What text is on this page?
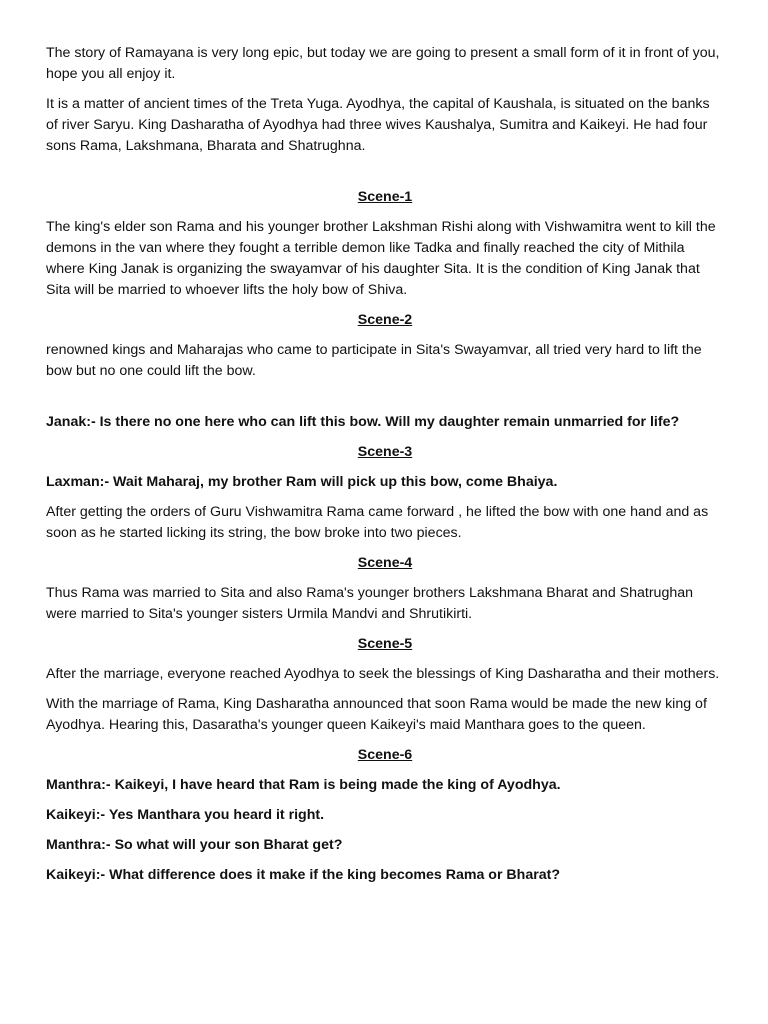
The story of Ramayana is very long epic, but today we are going to present a small form of it in front of you, hope you all enjoy it.

It is a matter of ancient times of the Treta Yuga. Ayodhya, the capital of Kaushala, is situated on the banks of river Saryu. King Dasharatha of Ayodhya had three wives Kaushalya, Sumitra and Kaikeyi. He had four sons Rama, Lakshmana, Bharata and Shatrughna.

Scene-1

The king's elder son Rama and his younger brother Lakshman Rishi along with Vishwamitra went to kill the demons in the van where they fought a terrible demon like Tadka and finally reached the city of Mithila where King Janak is organizing the swayamvar of his daughter Sita. It is the condition of King Janak that Sita will be married to whoever lifts the holy bow of Shiva.

Scene-2

renowned kings and Maharajas who came to participate in Sita's Swayamvar, all tried very hard to lift the bow but no one could lift the bow.

Janak:- Is there no one here who can lift this bow. Will my daughter remain unmarried for life?

Scene-3

Laxman:- Wait Maharaj, my brother Ram will pick up this bow, come Bhaiya.

After getting the orders of Guru Vishwamitra Rama came forward , he lifted the bow with one hand and as soon as he started licking its string, the bow broke into two pieces.

Scene-4

Thus Rama was married to Sita and also Rama's younger brothers Lakshmana Bharat and Shatrughan were married to Sita's younger sisters Urmila Mandvi and Shrutikirti.

Scene-5

After the marriage, everyone reached Ayodhya to seek the blessings of King Dasharatha and their mothers.

With the marriage of Rama, King Dasharatha announced that soon Rama would be made the new king of Ayodhya. Hearing this, Dasaratha's younger queen Kaikeyi's maid Manthara goes to the queen.

Scene-6

Manthra:- Kaikeyi, I have heard that Ram is being made the king of Ayodhya.

Kaikeyi:- Yes Manthara you heard it right.

Manthra:- So what will your son Bharat get?

Kaikeyi:- What difference does it make if the king becomes Rama or Bharat?
